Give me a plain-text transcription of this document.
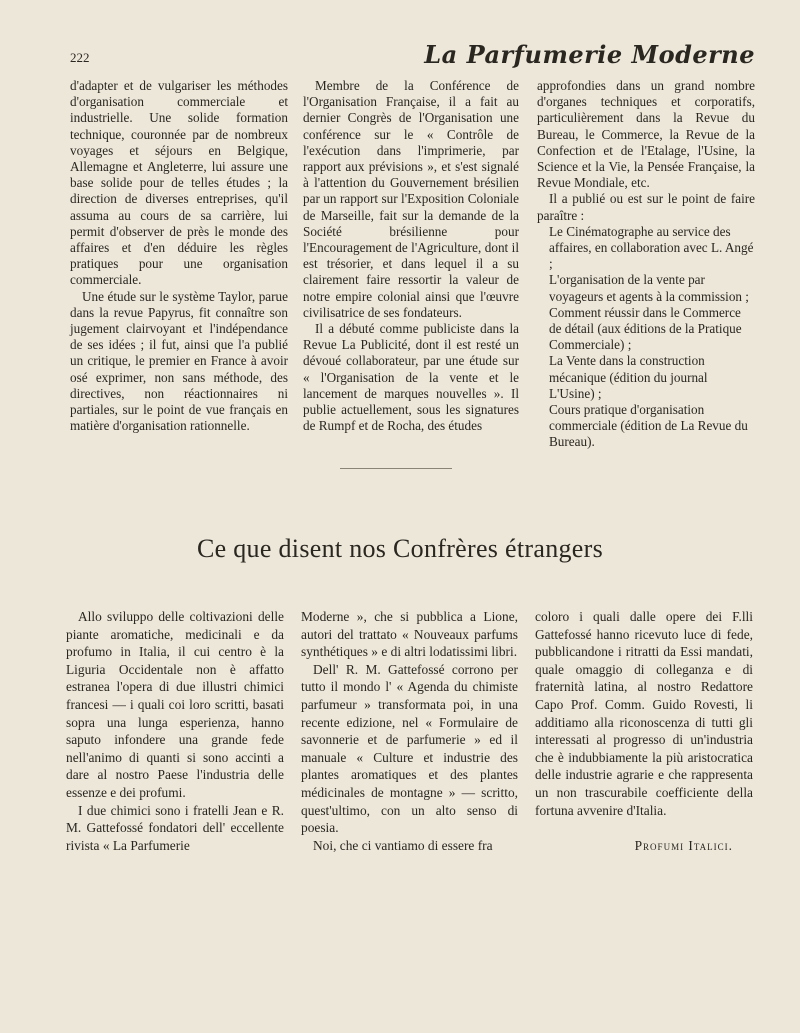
222	La Parfumerie Moderne

d'adapter et de vulgariser les méthodes d'organisation commerciale et industrielle. Une solide formation technique, couronnée par de nombreux voyages et séjours en Belgique, Allemagne et Angleterre, lui assure une base solide pour de telles études ; la direction de diverses entreprises, qu'il assuma au cours de sa carrière, lui permit d'observer de près le monde des affaires et d'en déduire les règles pratiques pour une organisation commerciale.

Une étude sur le système Taylor, parue dans la revue Papyrus, fit connaître son jugement clairvoyant et l'indépendance de ses idées ; il fut, ainsi que l'a publié un critique, le premier en France à avoir osé exprimer, non sans méthode, des directives, non réactionnaires ni partiales, sur le point de vue français en matière d'organisation rationnelle.

Membre de la Conférence de l'Organisation Française, il a fait au dernier Congrès de l'Organisation une conférence sur le « Contrôle de l'exécution dans l'imprimerie, par rapport aux prévisions », et s'est signalé à l'attention du Gouvernement brésilien par un rapport sur l'Exposition Coloniale de Marseille, fait sur la demande de la Société brésilienne pour l'Encouragement de l'Agriculture, dont il est trésorier, et dans lequel il a su clairement faire ressortir la valeur de notre empire colonial ainsi que l'œuvre civilisatrice de ses fondateurs.

Il a débuté comme publiciste dans la Revue La Publicité, dont il est resté un dévoué collaborateur, par une étude sur « l'Organisation de la vente et le lancement de marques nouvelles ». Il publie actuellement, sous les signatures de Rumpf et de Rocha, des études

approfondies dans un grand nombre d'organes techniques et corporatifs, particulièrement dans la Revue du Bureau, le Commerce, la Revue de la Confection et de l'Etalage, l'Usine, la Science et la Vie, la Pensée Française, la Revue Mondiale, etc.

Il a publié ou est sur le point de faire paraître :

Le Cinématographe au service des affaires, en collaboration avec L. Angé ;

L'organisation de la vente par voyageurs et agents à la commission ;

Comment réussir dans le Commerce de détail (aux éditions de la Pratique Commerciale) ;

La Vente dans la construction mécanique (édition du journal L'Usine) ;

Cours pratique d'organisation commerciale (édition de La Revue du Bureau).

Ce que disent nos Confrères étrangers

Allo sviluppo delle coltivazioni delle piante aromatiche, medicinali e da profumo in Italia, il cui centro è la Liguria Occidentale non è affatto estranea l'opera di due illustri chimici francesi — i quali coi loro scritti, basati sopra una lunga esperienza, hanno saputo infondere una grande fede nell'animo di quanti si sono accinti a dare al nostro Paese l'industria delle essenze e dei profumi.

I due chimici sono i fratelli Jean e R. M. Gattefossé fondatori dell' eccellente rivista « La Parfumerie

Moderne », che si pubblica a Lione, autori del trattato « Nouveaux parfums synthétiques » e di altri lodatissimi libri.

Dell' R. M. Gattefossé corrono per tutto il mondo l' « Agenda du chimiste parfumeur » transformata poi, in una recente edizione, nel « Formulaire de savonnerie et de parfumerie » ed il manuale « Culture et industrie des plantes aromatiques et des plantes médicinales de montagne » — scritto, quest'ultimo, con un alto senso di poesia.

Noi, che ci vantiamo di essere fra

coloro i quali dalle opere dei F.lli Gattefossé hanno ricevuto luce di fede, pubblicandone i ritratti da Essi mandati, quale omaggio di colleganza e di fraternità latina, al nostro Redattore Capo Prof. Comm. Guido Rovesti, li additiamo alla riconoscenza di tutti gli interessati al progresso di un'industria che è indubbiamente la più aristocratica delle industrie agrarie e che rappresenta un non trascurabile coefficiente della fortuna avvenire d'Italia.

Profumi Italici.
